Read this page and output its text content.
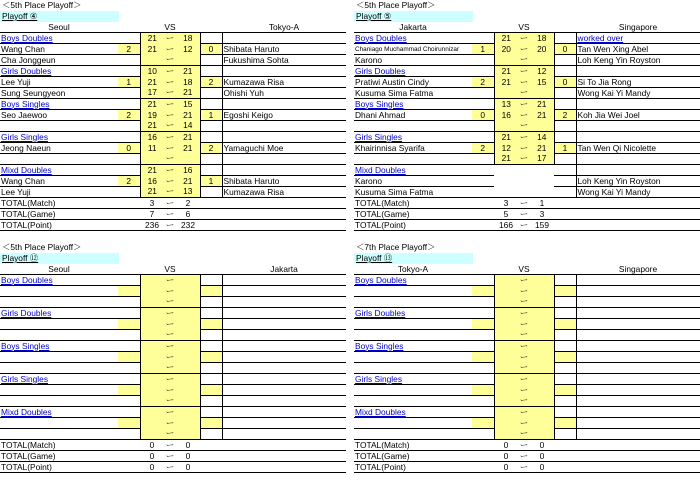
＜5th Place Playoff＞
Playoff ④
Seoul		VS				Tokyo-A
Boys Doubles		21	ー	18		
Wang Chan	2	21	ー	12	0	Shibata Haruto
Cha Jonggeun			ー			Fukushima Sohta
Girls Doubles		10	ー	21		
Lee Yuji	1	21	ー	18	2	Kumazawa Risa
Sung Seungyeon		17	ー	21		Ohishi Yuh
Boys Singles		21	ー	15		
Seo Jaewoo	2	19	ー	21	1	Egoshi Keigo
		21	ー	14		
Girls Singles		16	ー	21		
Jeong Naeun	0	11	ー	21	2	Yamaguchi Moe
			ー			
Mixd Doubles		21	ー	16		
Wang Chan	2	16	ー	21	1	Shibata Haruto
Lee Yuji		21	ー	13		Kumazawa Risa
TOTAL(Match)		3	ー	2		
TOTAL(Game)		7	ー	6		
TOTAL(Point)		236	ー	232		
＜5th Place Playoff＞
Playoff ⑤
Jakarta		VS				Singapore
Boys Doubles		21	ー	18		worked over
Chaniago Muchammad Choirunnizar	1	20	ー	20	0	Tan Wen Xing Abel
Karono			ー			Loh Keng Yin Royston
Girls Doubles		21	ー	12		
Pratiwi Austin Cindy	2	21	ー	15	0	Si To Jia Rong
Kusuma Sima Fatma			ー			Wong Kai Yi Mandy
Boys Singles		13	ー	21		
Dhani Ahmad	0	16	ー	21	2	Koh Jia Wei Joel
			ー			
Girls Singles		21	ー	14		
Khairinnisa Syarifa	2	12	ー	21	1	Tan Wen Qi Nicolette
		21	ー	17		
Mixd Doubles						
Karono						Loh Keng Yin Royston
Kusuma Sima Fatma						Wong Kai Yi Mandy
TOTAL(Match)		3	ー	1		
TOTAL(Game)		5	ー	3		
TOTAL(Point)		166	ー	159		
＜5th Place Playoff＞
Playoff ⑫
Seoul		VS				Jakarta
Boys Doubles			ー			
			ー			
			ー			
Girls Doubles			ー			
			ー			
			ー			
Boys Singles			ー			
			ー			
			ー			
Girls Singles			ー			
			ー			
			ー			
Mixd Doubles			ー			
			ー			
			ー			
TOTAL(Match)		0	ー	0		
TOTAL(Game)		0	ー	0		
TOTAL(Point)		0	ー	0		
＜7th Place Playoff＞
Playoff ⑬
Tokyo-A		VS				Singapore
Boys Doubles			ー			
			ー			
			ー			
Girls Doubles			ー			
			ー			
			ー			
Boys Singles			ー			
			ー			
			ー			
Girls Singles			ー			
			ー			
			ー			
Mixd Doubles			ー			
			ー			
			ー			
TOTAL(Match)		0	ー	0		
TOTAL(Game)		0	ー	0		
TOTAL(Point)		0	ー	0		
